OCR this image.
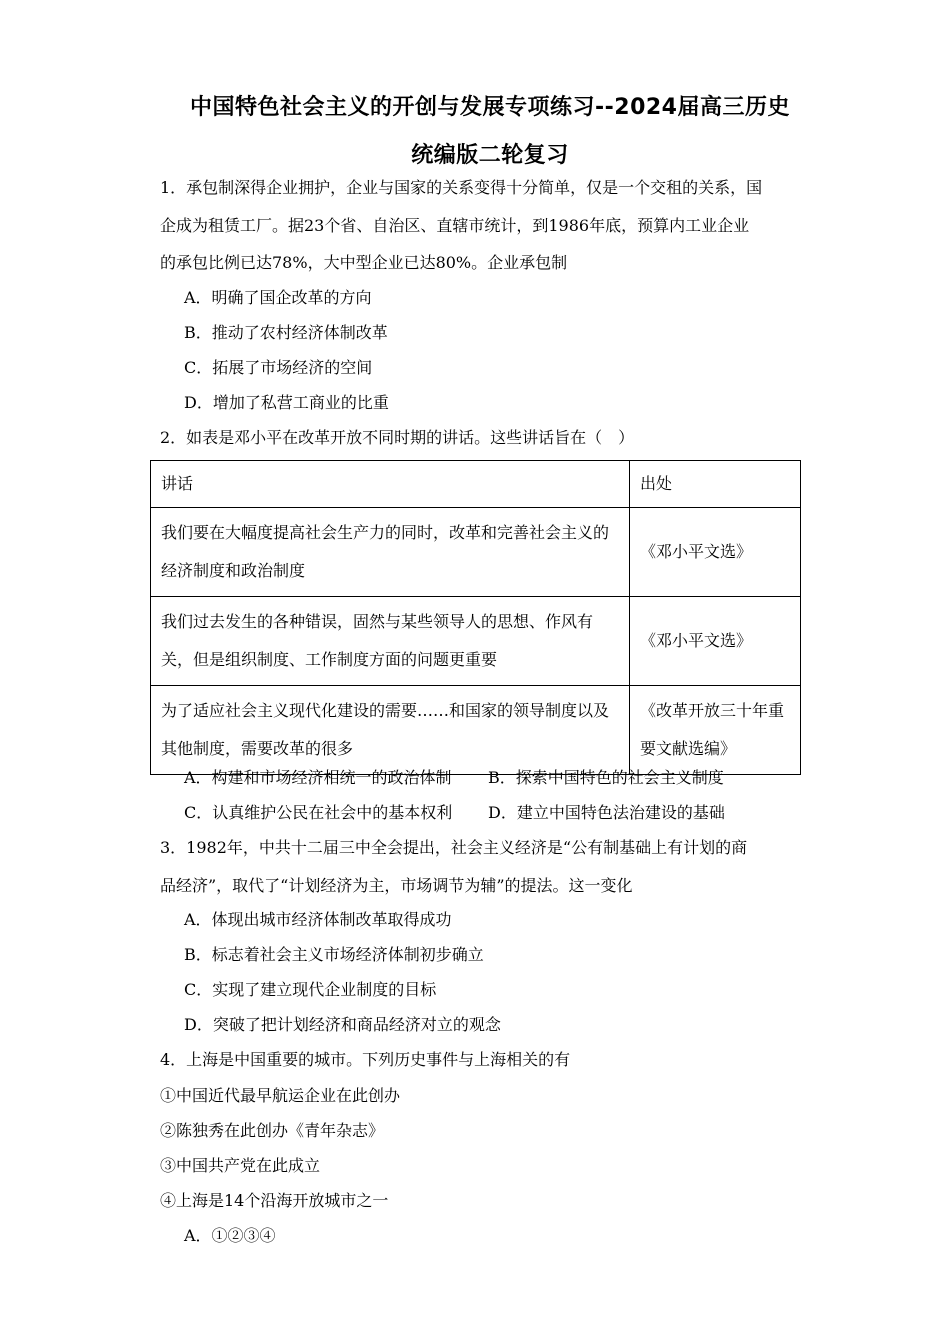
中国特色社会主义的开创与发展专项练习--2024届高三历史
统编版二轮复习
1．承包制深得企业拥护，企业与国家的关系变得十分简单，仅是一个交租的关系，国
企成为租赁工厂。据23个省、自治区、直辖市统计，到1986年底，预算内工业企业
的承包比例已达78%，大中型企业已达80%。企业承包制
A．明确了国企改革的方向
B．推动了农村经济体制改革
C．拓展了市场经济的空间
D．增加了私营工商业的比重
2．如表是邓小平在改革开放不同时期的讲话。这些讲话旨在（　）
讲话	出处
我们要在大幅度提高社会生产力的同时，改革和完善社会主义的经济制度和政治制度	《邓小平文选》
我们过去发生的各种错误，固然与某些领导人的思想、作风有关，但是组织制度、工作制度方面的问题更重要	《邓小平文选》
为了适应社会主义现代化建设的需要……和国家的领导制度以及其他制度，需要改革的很多	《改革开放三十年重要文献选编》
A．构建和市场经济相统一的政治体制 B．探索中国特色的社会主义制度
C．认真维护公民在社会中的基本权利 D．建立中国特色法治建设的基础
3．1982年，中共十二届三中全会提出，社会主义经济是“公有制基础上有计划的商
品经济”，取代了“计划经济为主，市场调节为辅”的提法。这一变化
A．体现出城市经济体制改革取得成功
B．标志着社会主义市场经济体制初步确立
C．实现了建立现代企业制度的目标
D．突破了把计划经济和商品经济对立的观念
4．上海是中国重要的城市。下列历史事件与上海相关的有
①中国近代最早航运企业在此创办
②陈独秀在此创办《青年杂志》
③中国共产党在此成立
④上海是14个沿海开放城市之一
A．①②③④
